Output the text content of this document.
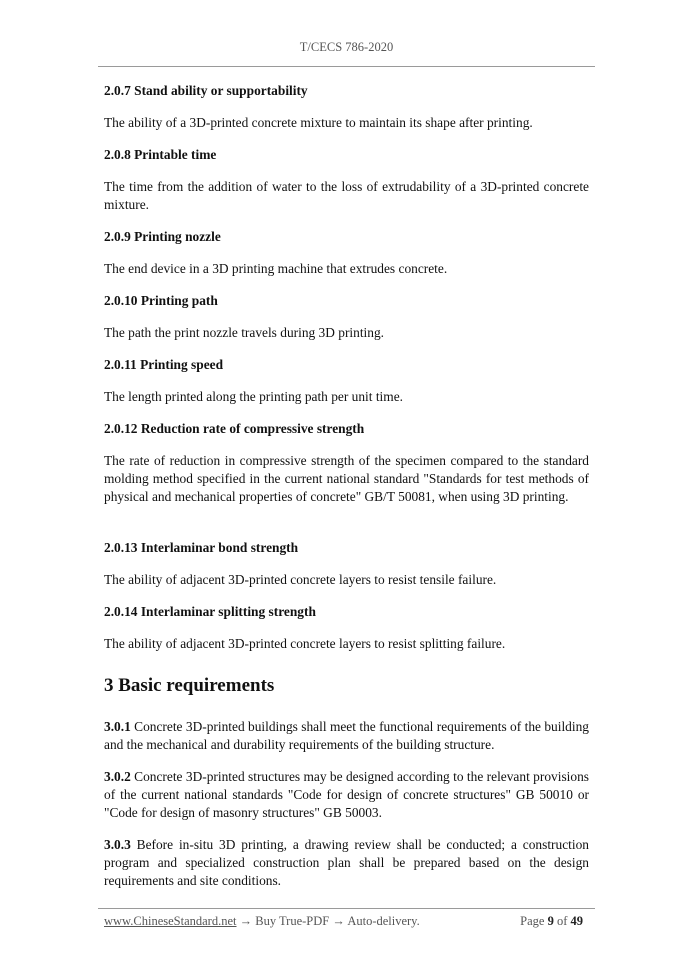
T/CECS 786-2020
2.0.7 Stand ability or supportability

The ability of a 3D-printed concrete mixture to maintain its shape after printing.

2.0.8 Printable time

The time from the addition of water to the loss of extrudability of a 3D-printed concrete mixture.

2.0.9 Printing nozzle

The end device in a 3D printing machine that extrudes concrete.

2.0.10 Printing path

The path the print nozzle travels during 3D printing.

2.0.11 Printing speed

The length printed along the printing path per unit time.

2.0.12 Reduction rate of compressive strength

The rate of reduction in compressive strength of the specimen compared to the standard molding method specified in the current national standard "Standards for test methods of physical and mechanical properties of concrete" GB/T 50081, when using 3D printing.

2.0.13 Interlaminar bond strength

The ability of adjacent 3D-printed concrete layers to resist tensile failure.

2.0.14 Interlaminar splitting strength

The ability of adjacent 3D-printed concrete layers to resist splitting failure.

3 Basic requirements

3.0.1 Concrete 3D-printed buildings shall meet the functional requirements of the building and the mechanical and durability requirements of the building structure.

3.0.2 Concrete 3D-printed structures may be designed according to the relevant provisions of the current national standards "Code for design of concrete structures" GB 50010 or "Code for design of masonry structures" GB 50003.

3.0.3 Before in-situ 3D printing, a drawing review shall be conducted; a construction program and specialized construction plan shall be prepared based on the design requirements and site conditions.

www.ChineseStandard.net → Buy True-PDF → Auto-delivery.	Page 9 of 49
